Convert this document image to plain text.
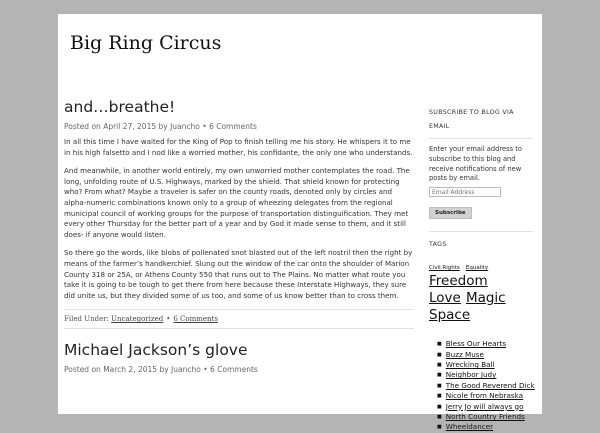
Big Ring Circus
and…breathe!
Posted on April 27, 2015 by Juancho • 6 Comments

In all this time I have waited for the King of Pop to finish telling me his story. He whispers it to me in his high falsetto and I nod like a worried mother, his confidante, the only one who understands.

And meanwhile, in another world entirely, my own unworried mother contemplates the road. The long, unfolding route of U.S. Highways, marked by the shield. That shield known for protecting who? From what? Maybe a traveler is safer on the county roads, denoted only by circles and alpha-numeric combinations known only to a group of wheezing delegates from the regional municipal council of working groups for the purpose of transportation distinguification. They met every other Thursday for the better part of a year and by God it made sense to them, and it still does- if anyone would listen.

So there go the words, like blobs of pollenated snot blasted out of the left nostril then the right by means of the farmer’s handkerchief. Slung out the window of the car onto the shoulder of Marion County 318 or 25A, or Athens County 550 that runs out to The Plains. No matter what route you take it is going to be tough to get there from here because these Interstate Highways, they sure did unite us, but they divided some of us too, and some of us know better than to cross them.

Filed Under: Uncategorized • 6 Comments
Michael Jackson’s glove
Posted on March 2, 2015 by Juancho • 6 Comments
SUBSCRIBE TO BLOG VIA EMAIL

Enter your email address to subscribe to this blog and receive notifications of new posts by email.

Email Address Subscribe
TAGS
Civil Rights Equality
Freedom
Love Magic
Space
■ Bless Our Hearts
■ Buzz Muse
■ Wrecking Ball
■ Neighbor Judy
■ The Good Reverend Dick
■ Nicole from Nebraska
■ Jerry Jo will always go
■ North Country Friends
■ Wheeldancer
